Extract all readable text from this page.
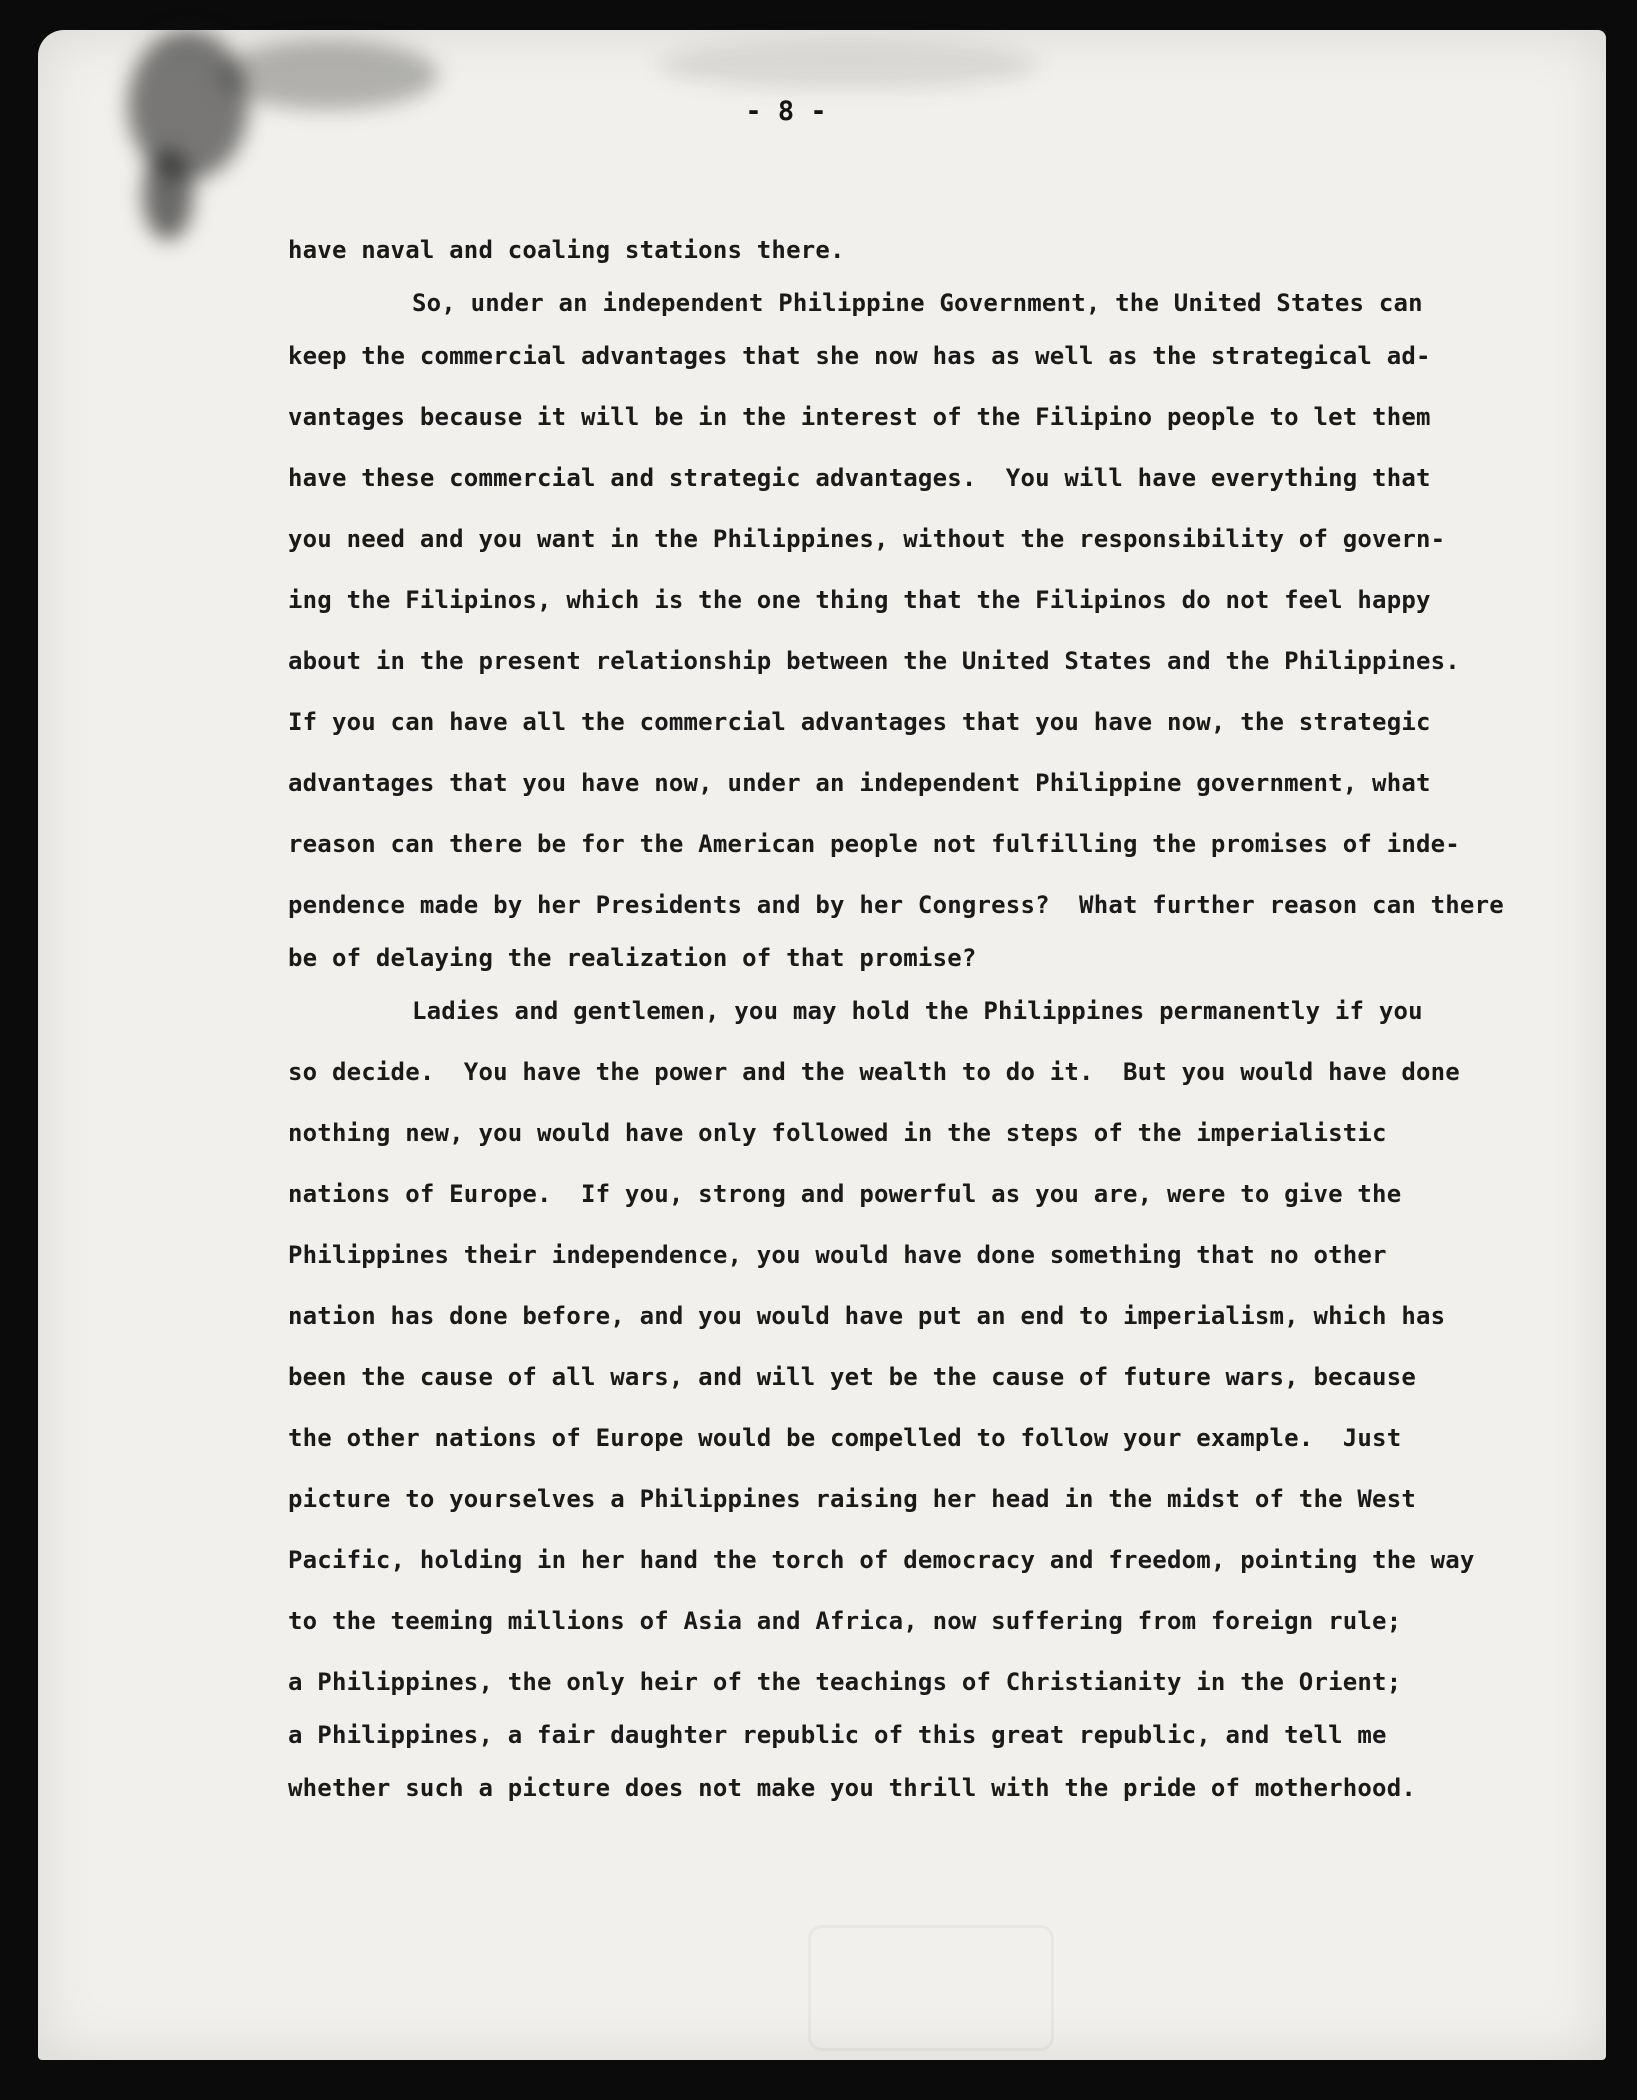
- 8 -
have naval and coaling stations there.
So, under an independent Philippine Government, the United States can
keep the commercial advantages that she now has as well as the strategical ad-
vantages because it will be in the interest of the Filipino people to let them
have these commercial and strategic advantages.  You will have everything that
you need and you want in the Philippines, without the responsibility of govern-
ing the Filipinos, which is the one thing that the Filipinos do not feel happy
about in the present relationship between the United States and the Philippines.
If you can have all the commercial advantages that you have now, the strategic
advantages that you have now, under an independent Philippine government, what
reason can there be for the American people not fulfilling the promises of inde-
pendence made by her Presidents and by her Congress?  What further reason can there
be of delaying the realization of that promise?
Ladies and gentlemen, you may hold the Philippines permanently if you
so decide.  You have the power and the wealth to do it.  But you would have done
nothing new, you would have only followed in the steps of the imperialistic
nations of Europe.  If you, strong and powerful as you are, were to give the
Philippines their independence, you would have done something that no other
nation has done before, and you would have put an end to imperialism, which has
been the cause of all wars, and will yet be the cause of future wars, because
the other nations of Europe would be compelled to follow your example.  Just
picture to yourselves a Philippines raising her head in the midst of the West
Pacific, holding in her hand the torch of democracy and freedom, pointing the way
to the teeming millions of Asia and Africa, now suffering from foreign rule;
a Philippines, the only heir of the teachings of Christianity in the Orient;
a Philippines, a fair daughter republic of this great republic, and tell me
whether such a picture does not make you thrill with the pride of motherhood.
